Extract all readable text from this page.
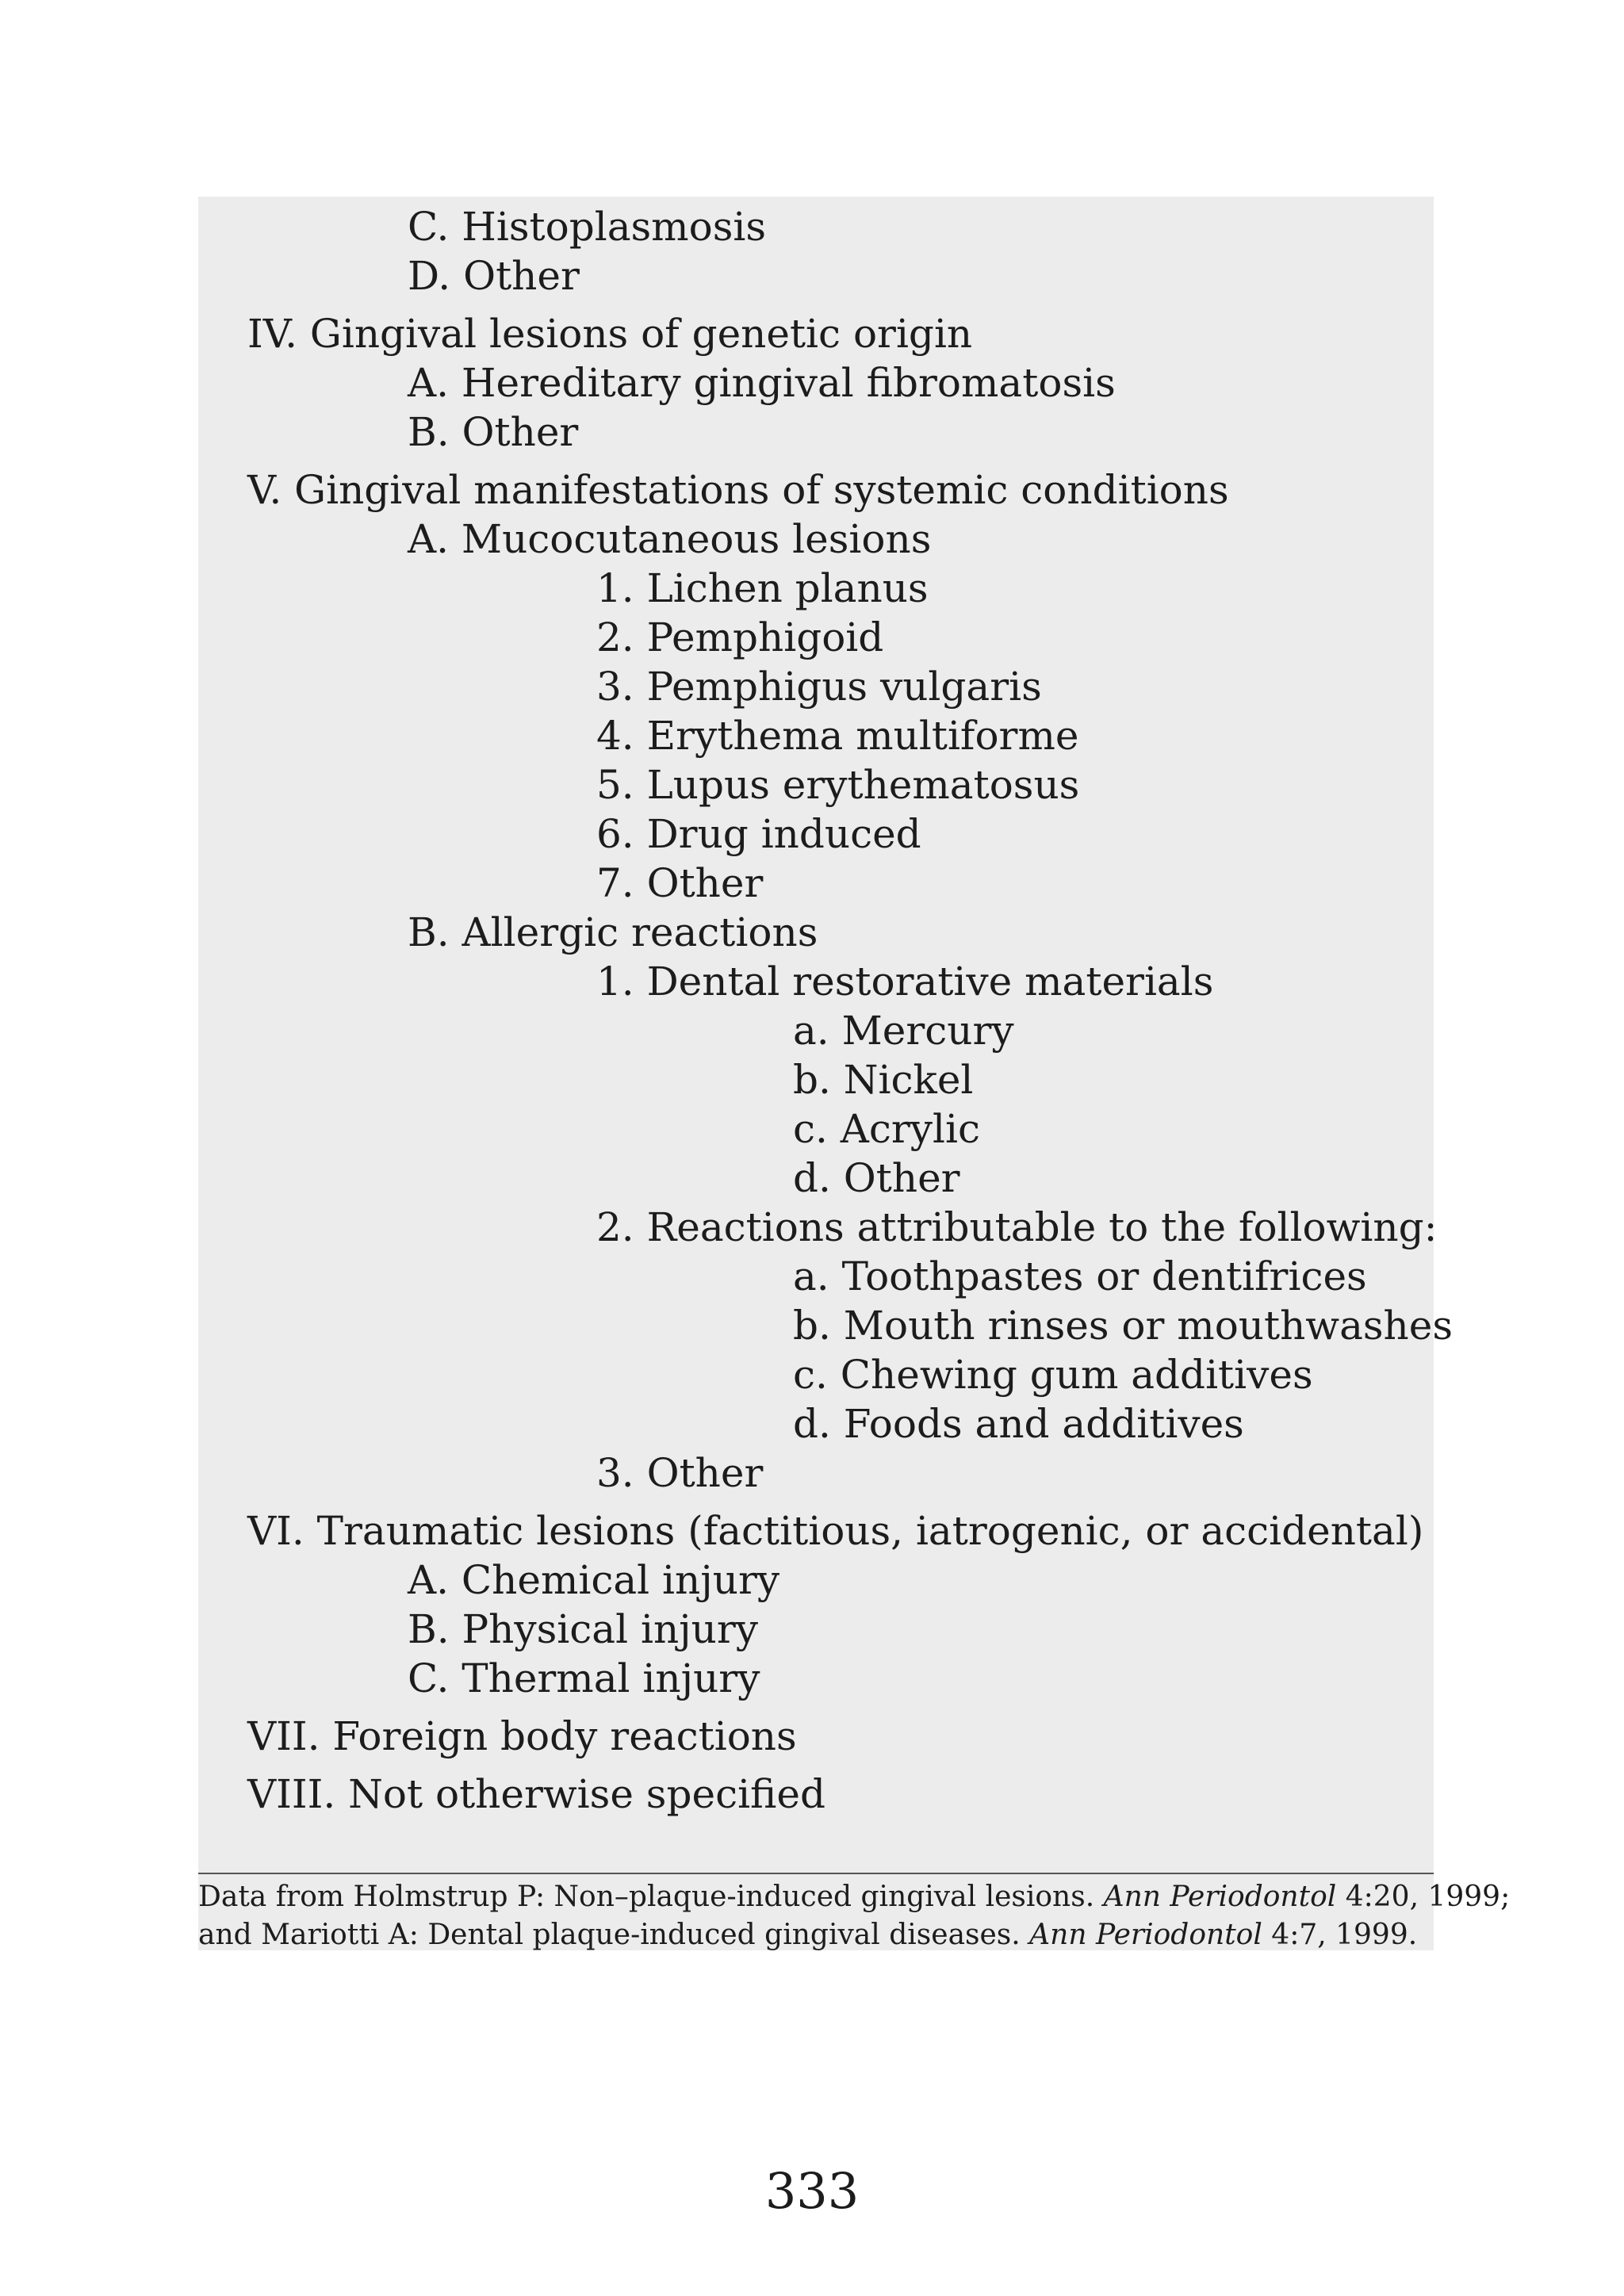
C. Histoplasmosis
D. Other
IV. Gingival lesions of genetic origin
A. Hereditary gingival fibromatosis
B. Other
V. Gingival manifestations of systemic conditions
A. Mucocutaneous lesions
1. Lichen planus
2. Pemphigoid
3. Pemphigus vulgaris
4. Erythema multiforme
5. Lupus erythematosus
6. Drug induced
7. Other
B. Allergic reactions
1. Dental restorative materials
a. Mercury
b. Nickel
c. Acrylic
d. Other
2. Reactions attributable to the following:
a. Toothpastes or dentifrices
b. Mouth rinses or mouthwashes
c. Chewing gum additives
d. Foods and additives
3. Other
VI. Traumatic lesions (factitious, iatrogenic, or accidental)
A. Chemical injury
B. Physical injury
C. Thermal injury
VII. Foreign body reactions
VIII. Not otherwise specified
Data from Holmstrup P: Non–plaque-induced gingival lesions. Ann Periodontol 4:20, 1999;
and Mariotti A: Dental plaque-induced gingival diseases. Ann Periodontol 4:7, 1999.
333
